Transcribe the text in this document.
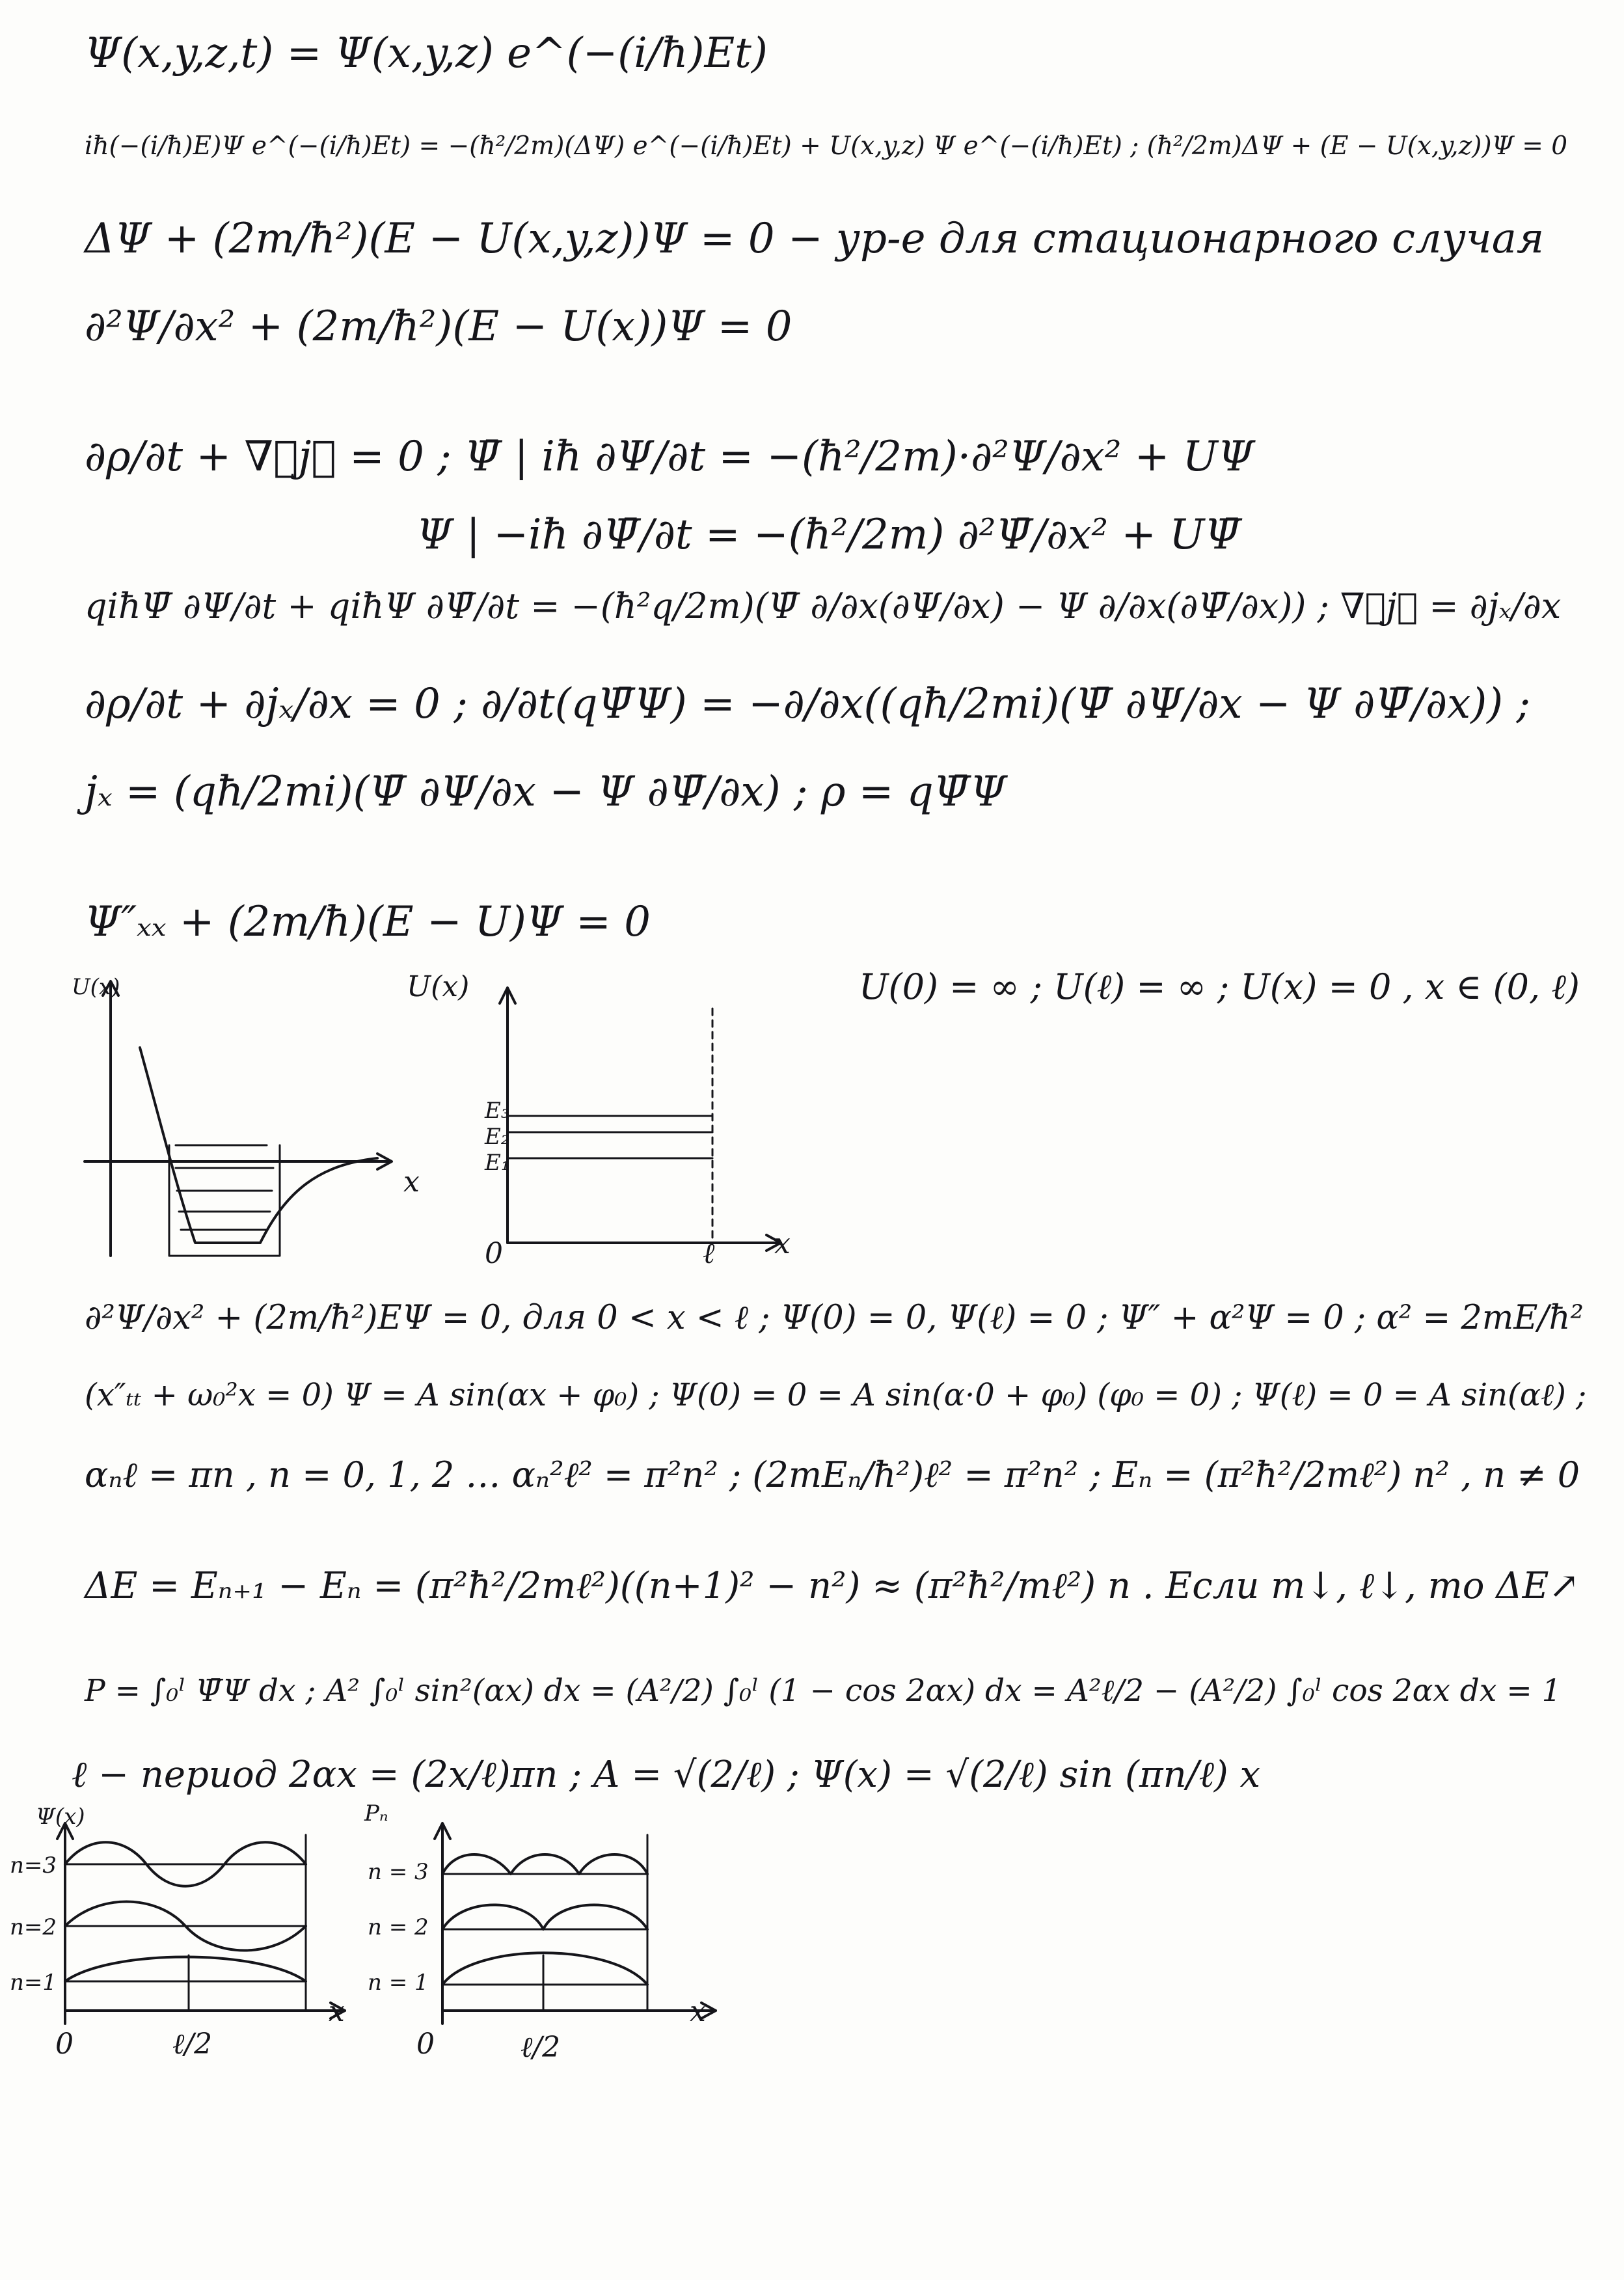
Ψ(x,y,z,t) = Ψ(x,y,z) e^(−(i/ħ)Et)
iħ(−(i/ħ)E)Ψ e^(−(i/ħ)Et) = −(ħ²/2m)(ΔΨ) e^(−(i/ħ)Et) + U(x,y,z) Ψ e^(−(i/ħ)Et) ; (ħ²/2m)ΔΨ + (E − U(x,y,z))Ψ = 0
ΔΨ + (2m/ħ²)(E − U(x,y,z))Ψ = 0 − ур-е для стационарного случая
∂²Ψ/∂x² + (2m/ħ²)(E − U(x))Ψ = 0
∂ρ/∂t + ∇⃗j⃗ = 0 ; Ψ̄ | iħ ∂Ψ/∂t = −(ħ²/2m)·∂²Ψ/∂x² + UΨ
Ψ | −iħ ∂Ψ̄/∂t = −(ħ²/2m) ∂²Ψ̄/∂x² + UΨ̄
qiħΨ̄ ∂Ψ/∂t + qiħΨ ∂Ψ̄/∂t = −(ħ²q/2m)(Ψ̄ ∂/∂x(∂Ψ/∂x) − Ψ ∂/∂x(∂Ψ̄/∂x)) ; ∇⃗j⃗ = ∂jₓ/∂x
∂ρ/∂t + ∂jₓ/∂x = 0 ; ∂/∂t(qΨ̄Ψ) = −∂/∂x((qħ/2mi)(Ψ̄ ∂Ψ/∂x − Ψ ∂Ψ̄/∂x)) ;
jₓ = (qħ/2mi)(Ψ̄ ∂Ψ/∂x − Ψ ∂Ψ̄/∂x) ; ρ = qΨ̄Ψ
Ψ″ₓₓ + (2m/ħ)(E − U)Ψ = 0
U(0) = ∞ ; U(ℓ) = ∞ ; U(x) = 0 , x ∈ (0, ℓ)
U(x)
x
U(x)
E₃
E₂
E₁
0	ℓ x
∂²Ψ/∂x² + (2m/ħ²)EΨ = 0, для 0 < x < ℓ ; Ψ(0) = 0, Ψ(ℓ) = 0 ; Ψ″ + α²Ψ = 0 ; α² = 2mE/ħ²
(x″ₜₜ + ω₀²x = 0) Ψ = A sin(αx + φ₀) ; Ψ(0) = 0 = A sin(α·0 + φ₀) (φ₀ = 0) ; Ψ(ℓ) = 0 = A sin(αℓ) ;
αₙℓ = πn , n = 0, 1, 2 … αₙ²ℓ² = π²n² ; (2mEₙ/ħ²)ℓ² = π²n² ; Eₙ = (π²ħ²/2mℓ²) n² , n ≠ 0
ΔE = Eₙ₊₁ − Eₙ = (π²ħ²/2mℓ²)((n+1)² − n²) ≈ (π²ħ²/mℓ²) n . Если m↓, ℓ↓, то ΔE↗
P = ∫₀ˡ Ψ̄Ψ dx ; A² ∫₀ˡ sin²(αx) dx = (A²/2) ∫₀ˡ (1 − cos 2αx) dx = A²ℓ/2 − (A²/2) ∫₀ˡ cos 2αx dx = 1
ℓ − период 2αx = (2x/ℓ)πn ; A = √(2/ℓ) ; Ψ(x) = √(2/ℓ) sin (πn/ℓ) x
Ψ(x)
n=3
n=2
n=1
0	ℓ/2
x
Pₙ
n = 3
n = 2
n = 1
0	ℓ/2
x
